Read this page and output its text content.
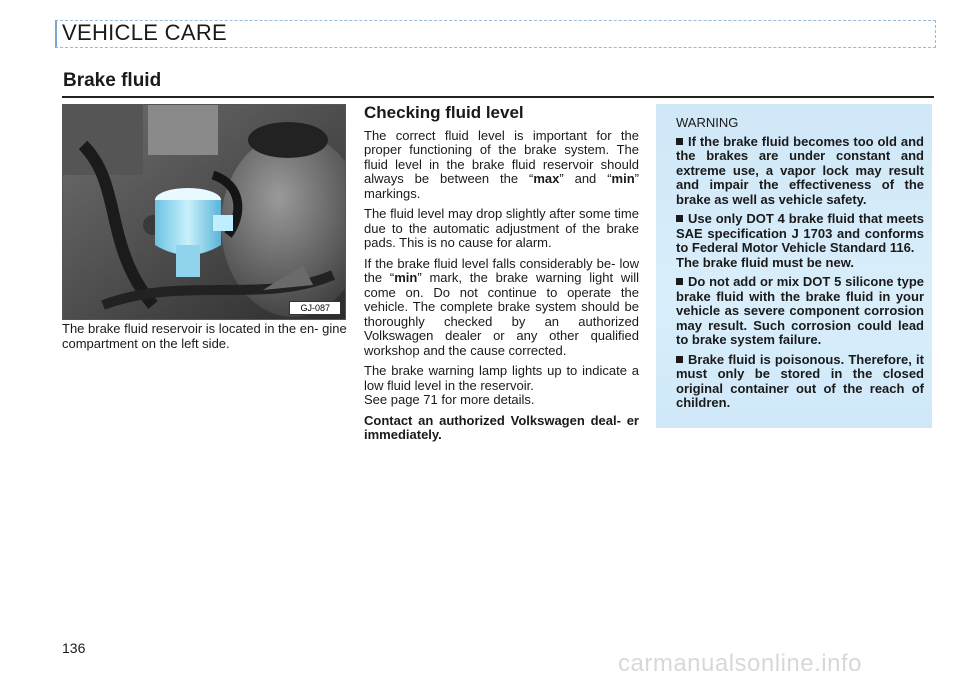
VEHICLE CARE
Brake fluid
GJ-087
The brake fluid reservoir is located in the en- gine compartment on the left side.
Checking fluid level

The correct fluid level is important for the proper functioning of the brake system. The fluid level in the brake fluid reservoir should always be between the “max” and “min” markings.

The fluid level may drop slightly after some time due to the automatic adjustment of the brake pads. This is no cause for alarm.

If the brake fluid level falls considerably be- low the “min” mark, the brake warning light will come on. Do not continue to operate the vehicle. The complete brake system should be thoroughly checked by an authorized Volkswagen dealer or any other qualified workshop and the cause corrected.

The brake warning lamp lights up to indicate a low fluid level in the reservoir.
See page 71 for more details.

Contact an authorized Volkswagen deal- er immediately.

WARNING

If the brake fluid becomes too old and the brakes are under constant and extreme use, a vapor lock may result and impair the effectiveness of the brake as well as vehicle safety.

Use only DOT 4 brake fluid that meets SAE specification J 1703 and conforms to Federal Motor Vehicle Standard 116.
The brake fluid must be new.

Do not add or mix DOT 5 silicone type brake fluid with the brake fluid in your vehicle as severe component corrosion may result. Such corrosion could lead to brake system failure.

Brake fluid is poisonous. Therefore, it must only be stored in the closed original container out of the reach of children.

136
carmanualsonline.info
